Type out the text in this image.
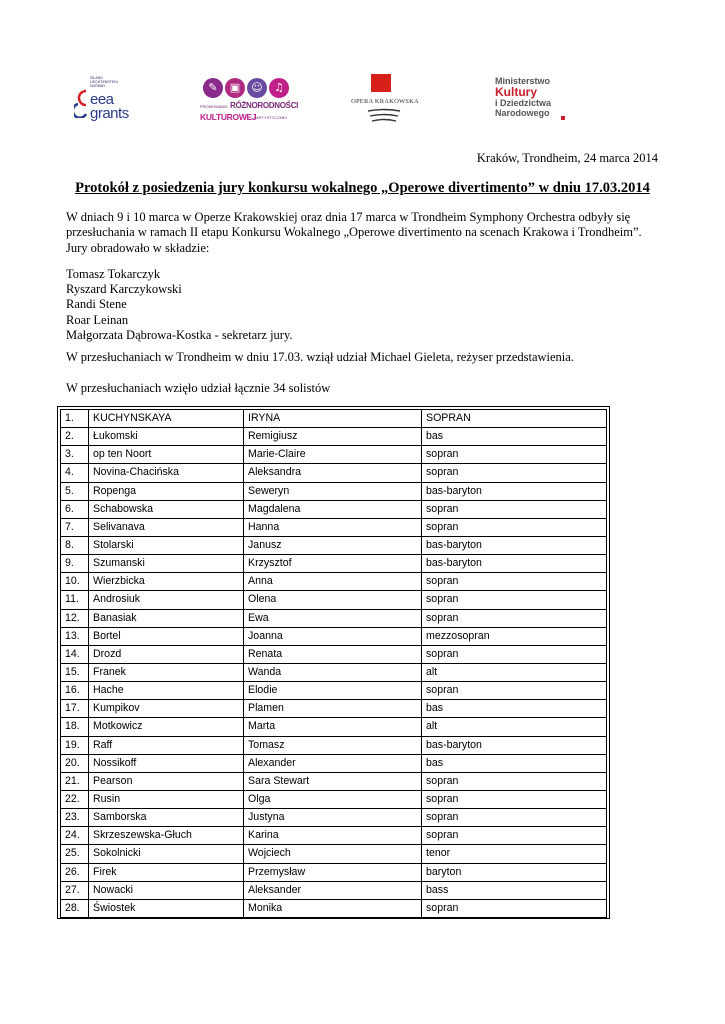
ISLAND LIECHTENSTEIN NORWAY
eea
grants
✎	▣	☺	♫
PROMOWANIE RÓŻNORODNOŚCI
KULTUROWEJ
I ARTYSTYCZNEJ
OPERA KRAKOWSKA
Ministerstwo
Kultury
i Dziedzictwa
Narodowego
Kraków, Trondheim, 24 marca 2014
Protokół z posiedzenia jury konkursu wokalnego „Operowe divertimento” w dniu 17.03.2014
W dniach 9 i 10 marca w Operze Krakowskiej oraz dnia 17 marca w Trondheim Symphony Orchestra odbyły się przesłuchania w ramach II etapu Konkursu Wokalnego „Operowe divertimento na scenach Krakowa i Trondheim”. Jury obradowało w składzie:
Tomasz Tokarczyk
Ryszard Karczykowski
Randi Stene
Roar Leinan
Małgorzata Dąbrowa-Kostka - sekretarz jury.
W przesłuchaniach w Trondheim w dniu 17.03. wziął udział Michael Gieleta, reżyser przedstawienia.
W przesłuchaniach wzięło udział łącznie 34 solistów
1.	KUCHYNSKAYA	IRYNA	SOPRAN
2.	Łukomski	Remigiusz	bas
3.	op ten Noort	Marie-Claire	sopran
4.	Novina-Chacińska	Aleksandra	sopran
5.	Ropenga	Seweryn	bas-baryton
6.	Schabowska	Magdalena	sopran
7.	Selivanava	Hanna	sopran
8.	Stolarski	Janusz	bas-baryton
9.	Szumanski	Krzysztof	bas-baryton
10.	Wierzbicka	Anna	sopran
11.	Androsiuk	Olena	sopran
12.	Banasiak	Ewa	sopran
13.	Bortel	Joanna	mezzosopran
14.	Drozd	Renata	sopran
15.	Franek	Wanda	alt
16.	Hache	Elodie	sopran
17.	Kumpikov	Plamen	bas
18.	Motkowicz	Marta	alt
19.	Raff	Tomasz	bas-baryton
20.	Nossikoff	Alexander	bas
21.	Pearson	Sara Stewart	sopran
22.	Rusin	Olga	sopran
23.	Samborska	Justyna	sopran
24.	Skrzeszewska-Głuch	Karina	sopran
25.	Sokolnicki	Wojciech	tenor
26.	Firek	Przemysław	baryton
27.	Nowacki	Aleksander	bass
28.	Świostek	Monika	sopran
